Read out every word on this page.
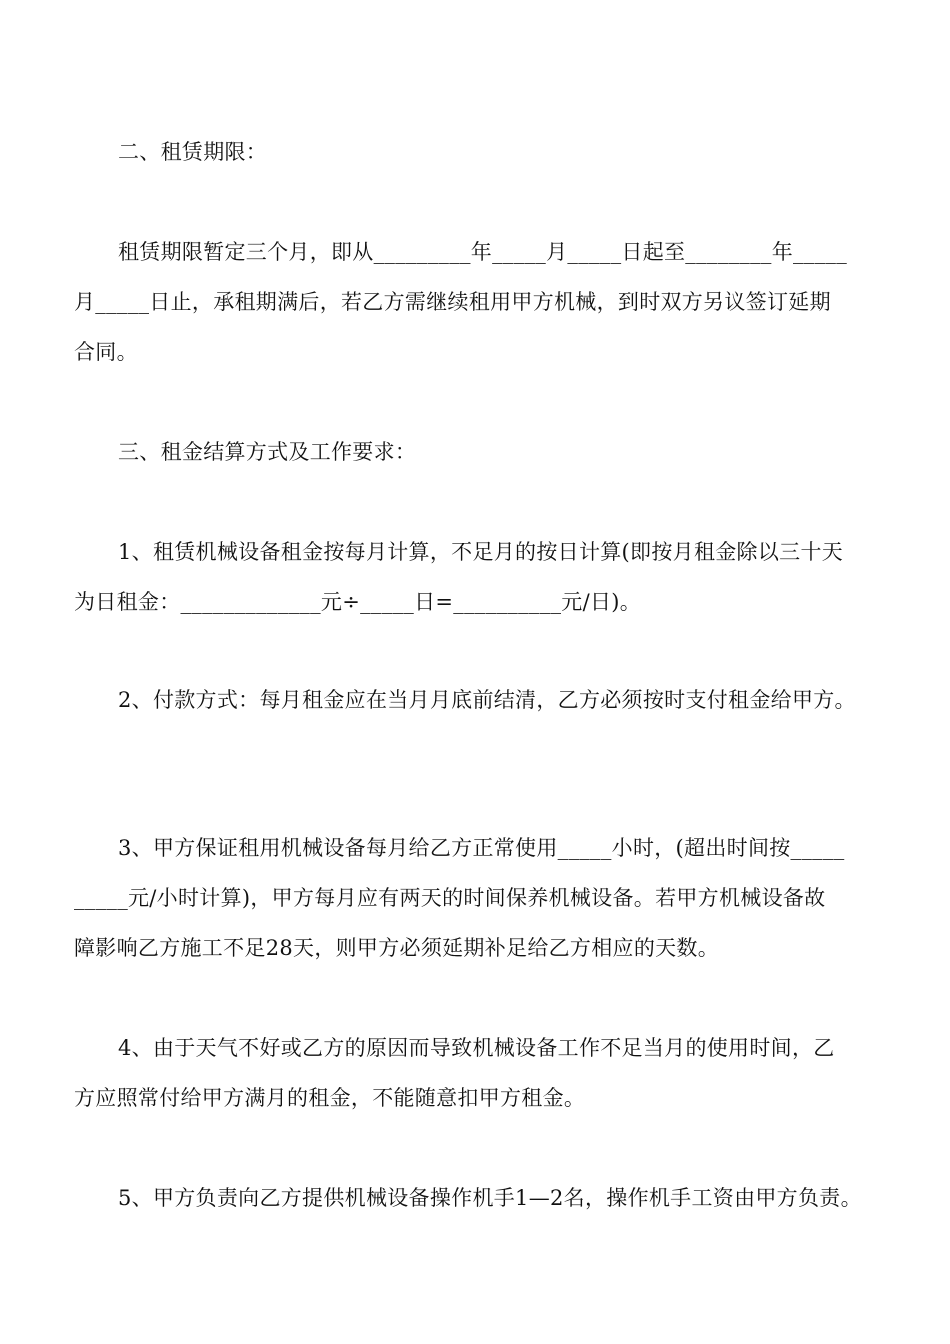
二、租赁期限：
租赁期限暂定三个月，即从_________年_____月_____日起至________年_____
月_____日止，承租期满后，若乙方需继续租用甲方机械，到时双方另议签订延期
合同。
三、租金结算方式及工作要求：
1、租赁机械设备租金按每月计算，不足月的按日计算(即按月租金除以三十天
为日租金：_____________元÷_____日=__________元/日)。
2、付款方式：每月租金应在当月月底前结清，乙方必须按时支付租金给甲方。
3、甲方保证租用机械设备每月给乙方正常使用_____小时，(超出时间按_____
_____元/小时计算)，甲方每月应有两天的时间保养机械设备。若甲方机械设备故
障影响乙方施工不足28天，则甲方必须延期补足给乙方相应的天数。
4、由于天气不好或乙方的原因而导致机械设备工作不足当月的使用时间，乙
方应照常付给甲方满月的租金，不能随意扣甲方租金。
5、甲方负责向乙方提供机械设备操作机手1—2名，操作机手工资由甲方负责。
